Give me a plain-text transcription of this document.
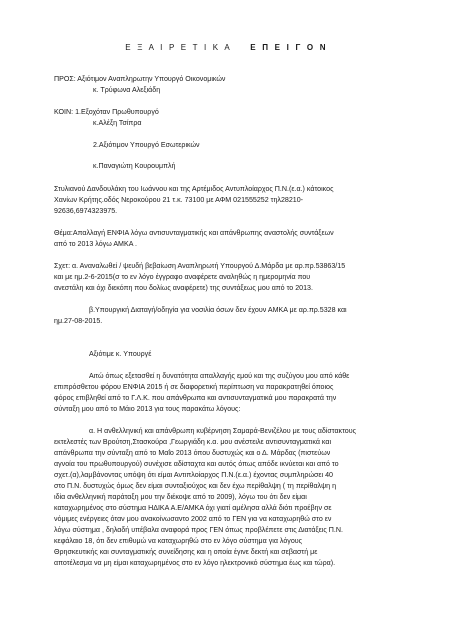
Ε Ξ Α Ι Ρ Ε Τ Ι Κ Α Ε Π Ε Ι Γ Ο Ν
ΠΡΟΣ: Αξιότιμον Αναπληρωτην Υπουργό Οικονομικών
κ. Τρύφωνα Αλεξιάδη
ΚΟΙΝ: 1.Εξοχόταν Πρωθυπουργό
κ.Αλέξη Τσίπρα
2.Αξιότιμον Υπουργό Εσωτερικών
κ.Παναγιώτη Κουρουμπλή
Στυλιανού Δανδουλάκη του Ιωάννου και της Αρτέμιδος Αντυπλοίαρχος Π.Ν.(ε.α.) κάτοικος
Χανίων Κρήτης.οδός Νεροκούρου 21 τ.κ. 73100 με ΑΦΜ 021555252 τηλ28210-
92636,6974323975.
Θέμα:Απαλλαγή ΕΝΦΙΑ λόγω αντισυνταγματικής και απάνθρωπης αναστολής συντάξεων
από το 2013 λόγω ΑΜΚΑ .
Σχετ: α. Αναναλωθεί / ψευδή βεβαίωση Αναπληρωτή Υπουργού Δ.Μάρδα με αρ.πρ.53863/15
και με ημ.2-6-2015(σ το εν λόγο έγγραφο αναφέρετε αναληθώς η ημερομηνία που
ανεστάλη και όχι διεκόπη που δολίως αναφέρετε) της συντάξεως μου από το 2013.
β.Υπουργική Διαταγή/οδηγία για νοσιλία όσων δεν έχουν ΑΜΚΑ με αρ.πρ.5328 και
ημ.27-08-2015.
Αξιότιμε κ. Υπουργέ
Αιτώ όπως εξετασθεί η δυνατότητα απαλλαγής εμού και της συζύγου μου από κάθε
επιπρόσθετου φόρου ΕΝΦΙΑ 2015 ή σε διαφορετική περίπτωση να παρακρατηθεί όποιος
φόρος επιβληθεί από το Γ.Λ.Κ. που απάνθρωπα και αντισυνταγματικά μου παρακρατά την
σύνταξη μου από το Μάιο 2013 για τους παρακάτω λόγους:
α. Η ανθελληνική και απάνθρωπη κυβέρνηση Σαμαρά-Βενιζέλου με τους αδίστακτους
εκτελεστές των Βρούτση,Στασκούρα ,Γεωργιάδη κ.α. μου ανέστειλε αντισυνταγματικά και
απάνθρωπα την σύνταξη από το Μαΐο 2013 όπου δυστυχώς και ο Δ. Μάρδας (πιστεύων
αγνοία του πρωθυπουργού) συνέχισε αδίσταχτα και αυτός όπως απόδε ικνύεται και από το
σχετ.(α),λαμβάνοντας υπόψη ότι είμαι Αντιπλοίαρχος Π.Ν.(ε.α.) έχοντας συμπληρώσει 40
στο Π.Ν. δυστυχώς όμως δεν είμαι συνταξιούχος και δεν έχω περίθαλψη ( τη περίθαλψη η
ιδία ανθελληνική παράταξη μου την διέκοψε από το 2009), λόγω του ότι δεν είμαι
καταχωρημένος στο σύστημα ΗΔΙΚΑ Α.Ε/ΑΜΚΑ όχι γιατί αμέλησα αλλά διότι προέβην σε
νόμιμες ενέργειες όταν μου ανακοίνωσαντο 2002 από το ΓΕΝ για να καταχωρηθώ στο εν
λόγω σύστημα , δηλαδή υπέβαλα αναφορά προς ΓΕΝ όπως προβλέπετε στις Διατάξεις Π.Ν.
κεφάλαιο 18, ότι δεν επιθυμώ να καταχωρηθώ στο εν λόγο σύστημα για λόγους
Θρησκευτικής και συνταγματικής συνείδησης και η οποία έγινε δεκτή και σεβαστή με
αποτέλεσμα να μη είμαι καταχωρημένος στο εν λόγο ηλεκτρονικό σύστημα έως και τώρα).
